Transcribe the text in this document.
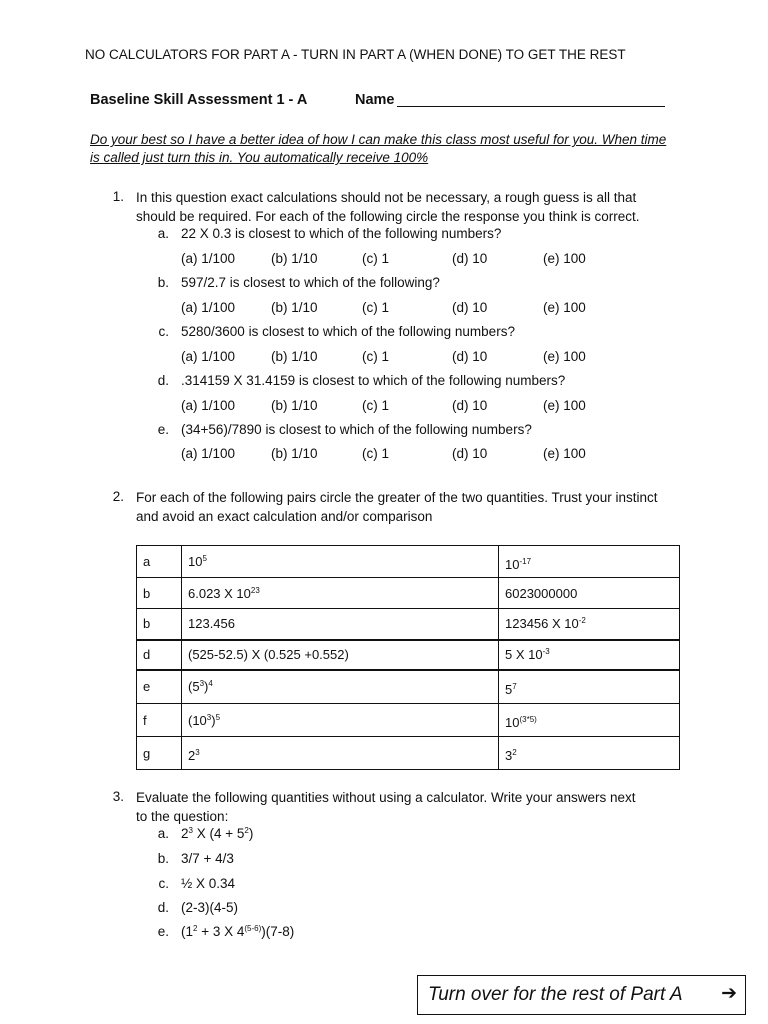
NO CALCULATORS FOR PART A - TURN IN PART A (WHEN DONE) TO GET THE REST
Baseline Skill Assessment 1 - A	Name
Do your best so I have a better idea of how I can make this class most useful for you. When time
is called just turn this in. You automatically receive 100%
1. In this question exact calculations should not be necessary, a rough guess is all that
should be required. For each of the following circle the response you think is correct.
a. 22 X 0.3 is closest to which of the following numbers?
(a) 1/100	(b) 1/10	(c) 1	(d) 10	(e) 100
b. 597/2.7 is closest to which of the following?
(a) 1/100	(b) 1/10	(c) 1	(d) 10	(e) 100
c. 5280/3600 is closest to which of the following numbers?
(a) 1/100	(b) 1/10	(c) 1	(d) 10	(e) 100
d. .314159 X 31.4159 is closest to which of the following numbers?
(a) 1/100	(b) 1/10	(c) 1	(d) 10	(e) 100
e. (34+56)/7890 is closest to which of the following numbers?
(a) 1/100	(b) 1/10	(c) 1	(d) 10	(e) 100
2. For each of the following pairs circle the greater of the two quantities. Trust your instinct
and avoid an exact calculation and/or comparison
a	$10^5$	$10^{-17}$
b	6.023 X $10^{23}$	6023000000
b	123.456	123456 X $10^{-2}$
d	(525-52.5) X (0.525 +0.552)	5 X $10^{-3}$
e	$(5^3)^4$	$5^7$
f	$(10^3)^5$	$10^{(3*5)}$
g	$2^3$	$3^2$
3. Evaluate the following quantities without using a calculator. Write your answers next
to the question:
a. $2^3$ X $(4 + 5^2)$
b. 3/7 + 4/3
c. ½ X 0.34
d. (2-3)(4-5)
e. ($1^2 + 3$ X 4$^{(5-6)}$)(7-8)
Turn over for the rest of Part A ➔
